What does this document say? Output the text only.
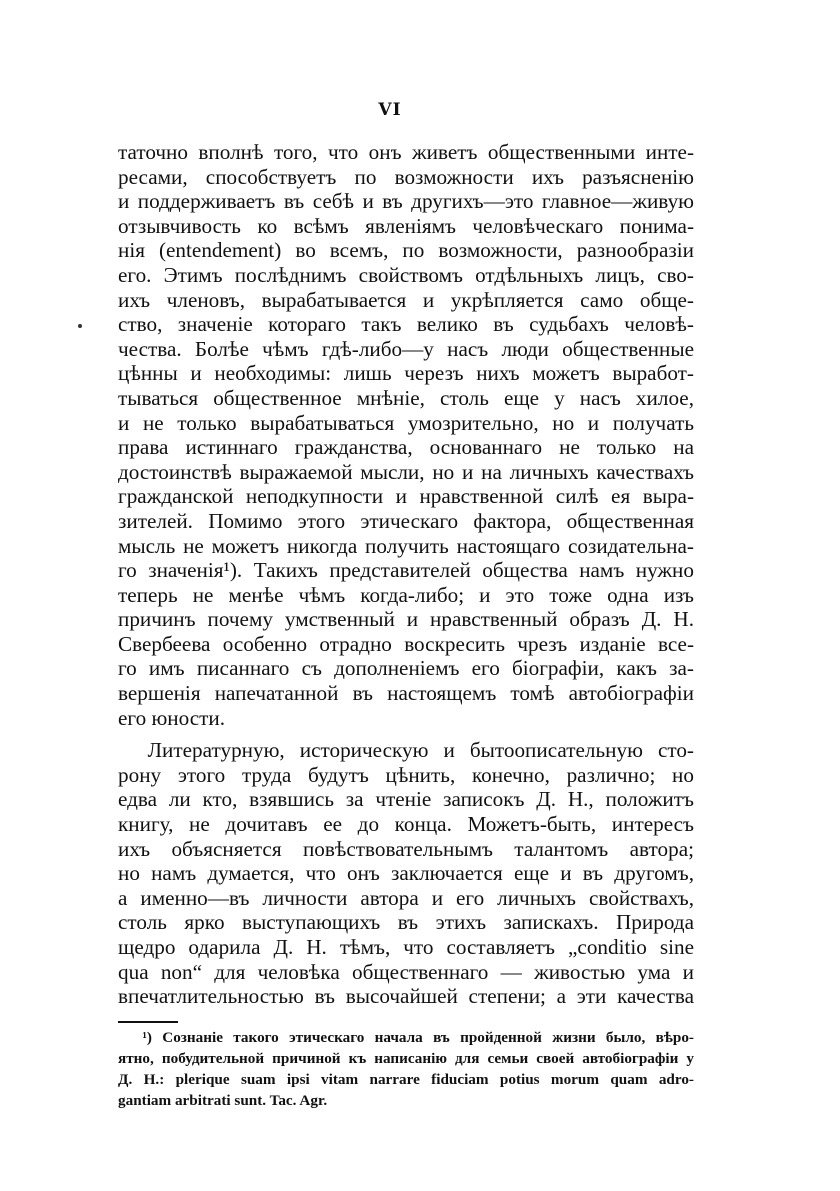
VI
таточно вполнѣ того, что онъ живетъ общественными инте-
ресами, способствуетъ по возможности ихъ разъясненію
и поддерживаетъ въ себѣ и въ другихъ—это главное—живую
отзывчивость ко всѣмъ явленіямъ человѣческаго понима-
нія (entendement) во всемъ, по возможности, разнообразіи
его. Этимъ послѣднимъ свойствомъ отдѣльныхъ лицъ, сво-
ихъ членовъ, вырабатывается и укрѣпляется само обще-
ство, значеніе котораго такъ велико въ судьбахъ человѣ-
чества. Болѣе чѣмъ гдѣ-либо—у насъ люди общественные
цѣнны и необходимы: лишь черезъ нихъ можетъ выработ-
тываться общественное мнѣніе, столь еще у насъ хилое,
и не только вырабатываться умозрительно, но и получать
права истиннаго гражданства, основаннаго не только на
достоинствѣ выражаемой мысли, но и на личныхъ качествахъ
гражданской неподкупности и нравственной силѣ ея выра-
зителей. Помимо этого этическаго фактора, общественная
мысль не можетъ никогда получить настоящаго созидательна-
го значенія¹). Такихъ представителей общества намъ нужно
теперь не менѣе чѣмъ когда-либо; и это тоже одна изъ
причинъ почему умственный и нравственный образъ Д. Н.
Свербеева особенно отрадно воскресить чрезъ изданіе все-
го имъ писаннаго съ дополненіемъ его біографіи, какъ за-
вершенія напечатанной въ настоящемъ томѣ автобіографіи
его юности.
Литературную, историческую и бытоописательную сто-
рону этого труда будутъ цѣнить, конечно, различно; но
едва ли кто, взявшись за чтеніе записокъ Д. Н., положитъ
книгу, не дочитавъ ее до конца. Можетъ-быть, интересъ
ихъ объясняется повѣствовательнымъ талантомъ автора;
но намъ думается, что онъ заключается еще и въ другомъ,
а именно—въ личности автора и его личныхъ свойствахъ,
столь ярко выступающихъ въ этихъ запискахъ. Природа
щедро одарила Д. Н. тѣмъ, что составляетъ „conditio sine
qua non“ для человѣка общественнаго — живостью ума и
впечатлительностью въ высочайшей степени; а эти качества
¹) Сознаніе такого этическаго начала въ пройденной жизни было, вѣро-
ятно, побудительной причиной къ написанію для семьи своей автобіографіи у
Д. Н.: plerique suam ipsi vitam narrare fiduciam potius morum quam adro-
gantiam arbitrati sunt. Tac. Agr.
